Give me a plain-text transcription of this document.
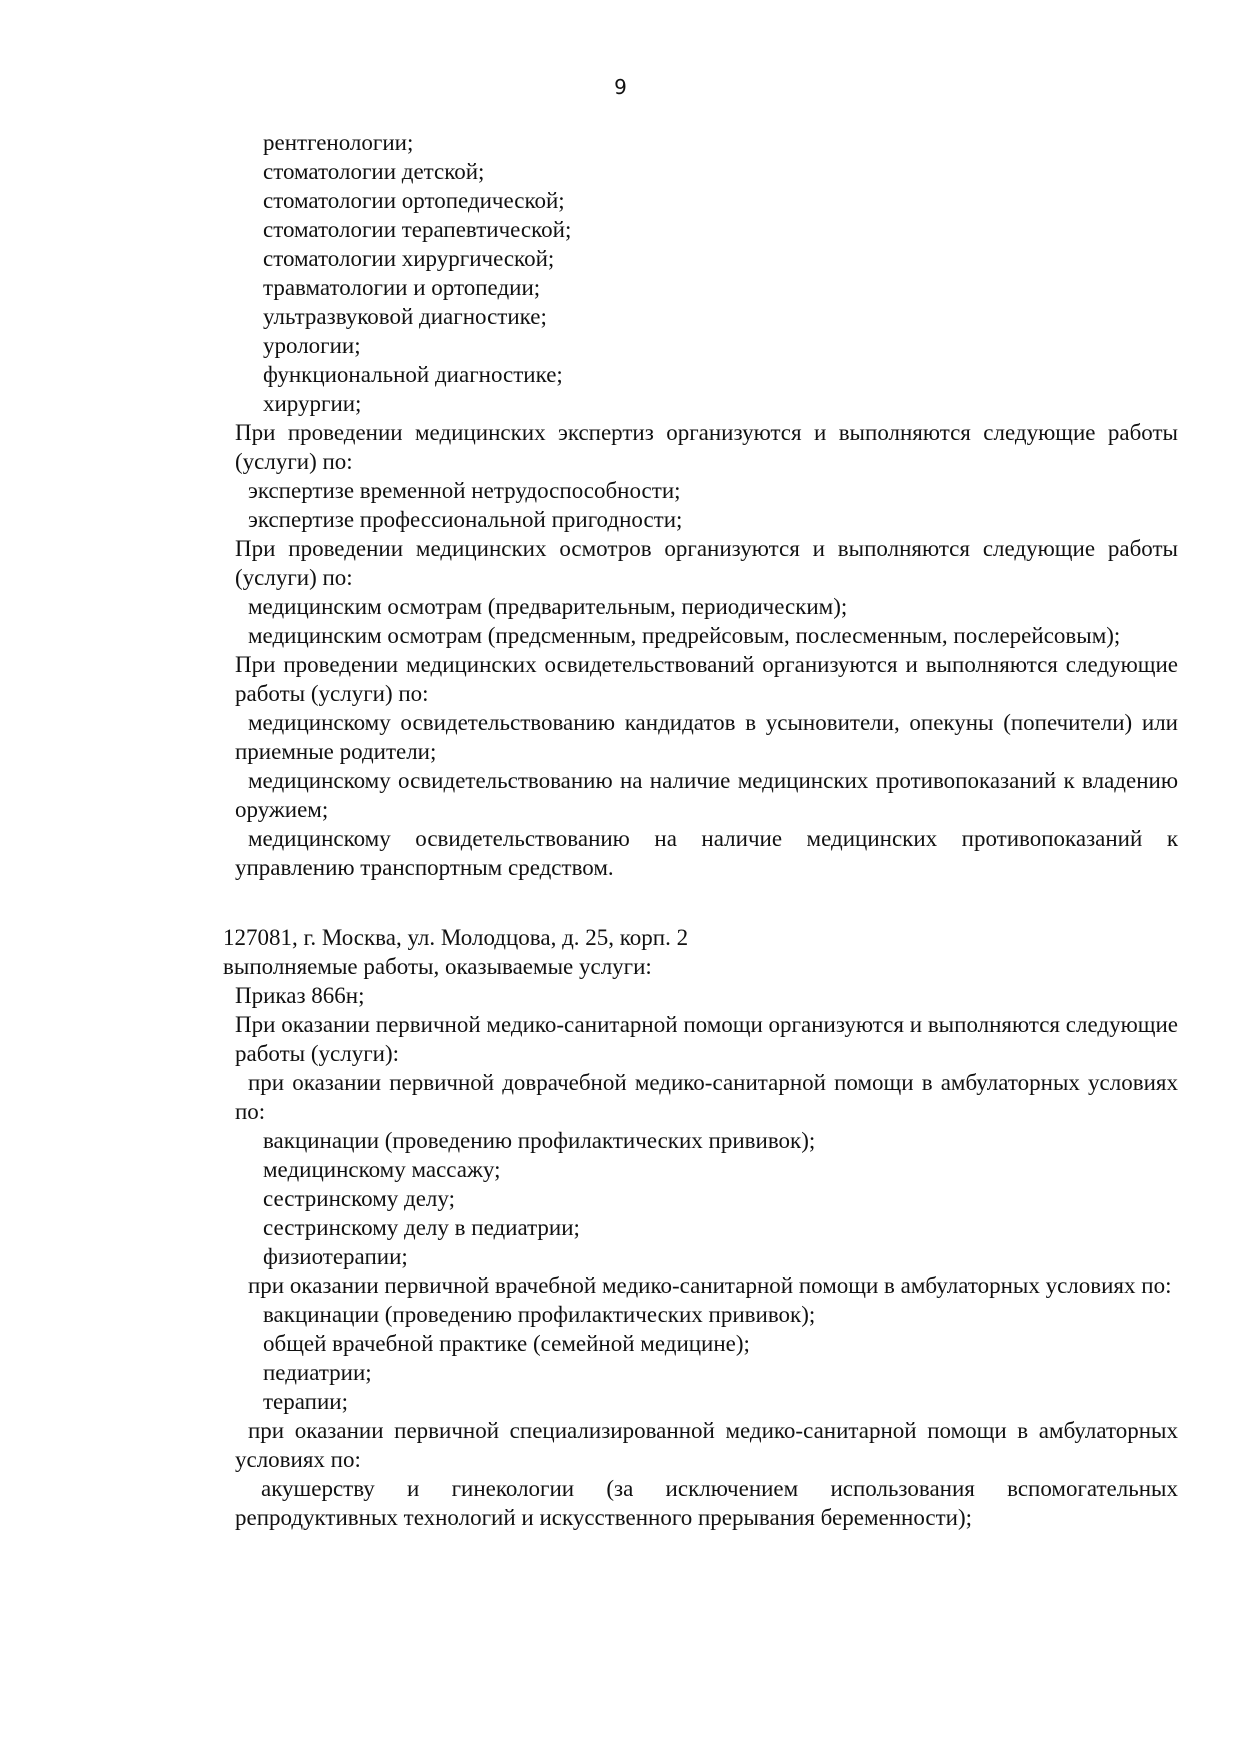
9
рентгенологии;
стоматологии детской;
стоматологии ортопедической;
стоматологии терапевтической;
стоматологии хирургической;
травматологии и ортопедии;
ультразвуковой диагностике;
урологии;
функциональной диагностике;
хирургии;
При проведении медицинских экспертиз организуются и выполняются следующие работы (услуги) по:
экспертизе временной нетрудоспособности;
экспертизе профессиональной пригодности;
При проведении медицинских осмотров организуются и выполняются следующие работы (услуги) по:
медицинским осмотрам (предварительным, периодическим);
медицинским осмотрам (предсменным, предрейсовым, послесменным, послерейсовым);
При проведении медицинских освидетельствований организуются и выполняются следующие работы (услуги) по:
медицинскому освидетельствованию кандидатов в усыновители, опекуны (попечители) или приемные родители;
медицинскому освидетельствованию на наличие медицинских противопоказаний к владению оружием;
медицинскому освидетельствованию на наличие медицинских противопоказаний к управлению транспортным средством.
127081, г. Москва, ул. Молодцова, д. 25, корп. 2
выполняемые работы, оказываемые услуги:
Приказ 866н;
При оказании первичной медико-санитарной помощи организуются и выполняются следующие работы (услуги):
при оказании первичной доврачебной медико-санитарной помощи в амбулаторных условиях по:
вакцинации (проведению профилактических прививок);
медицинскому массажу;
сестринскому делу;
сестринскому делу в педиатрии;
физиотерапии;
при оказании первичной врачебной медико-санитарной помощи в амбулаторных условиях по:
вакцинации (проведению профилактических прививок);
общей врачебной практике (семейной медицине);
педиатрии;
терапии;
при оказании первичной специализированной медико-санитарной помощи в амбулаторных условиях по:
акушерству и гинекологии (за исключением использования вспомогательных репродуктивных технологий и искусственного прерывания беременности);
